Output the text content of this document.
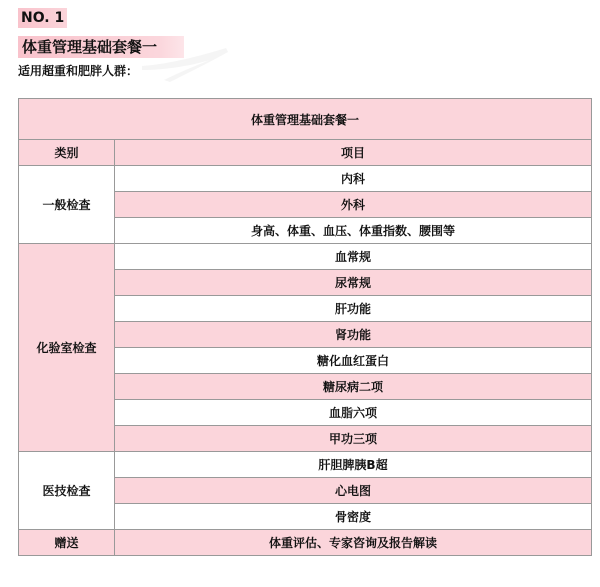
NO. 1
体重管理基础套餐一
适用超重和肥胖人群：
体重管理基础套餐一	
类别	项目
一般检查	内科
	外科
	身高、体重、血压、体重指数、腰围等
化验室检查	血常规
	尿常规
	肝功能
	肾功能
	糖化血红蛋白
	糖尿病二项
	血脂六项
	甲功三项
医技检查	肝胆脾胰B超
	心电图
	骨密度
赠送	体重评估、专家咨询及报告解读
